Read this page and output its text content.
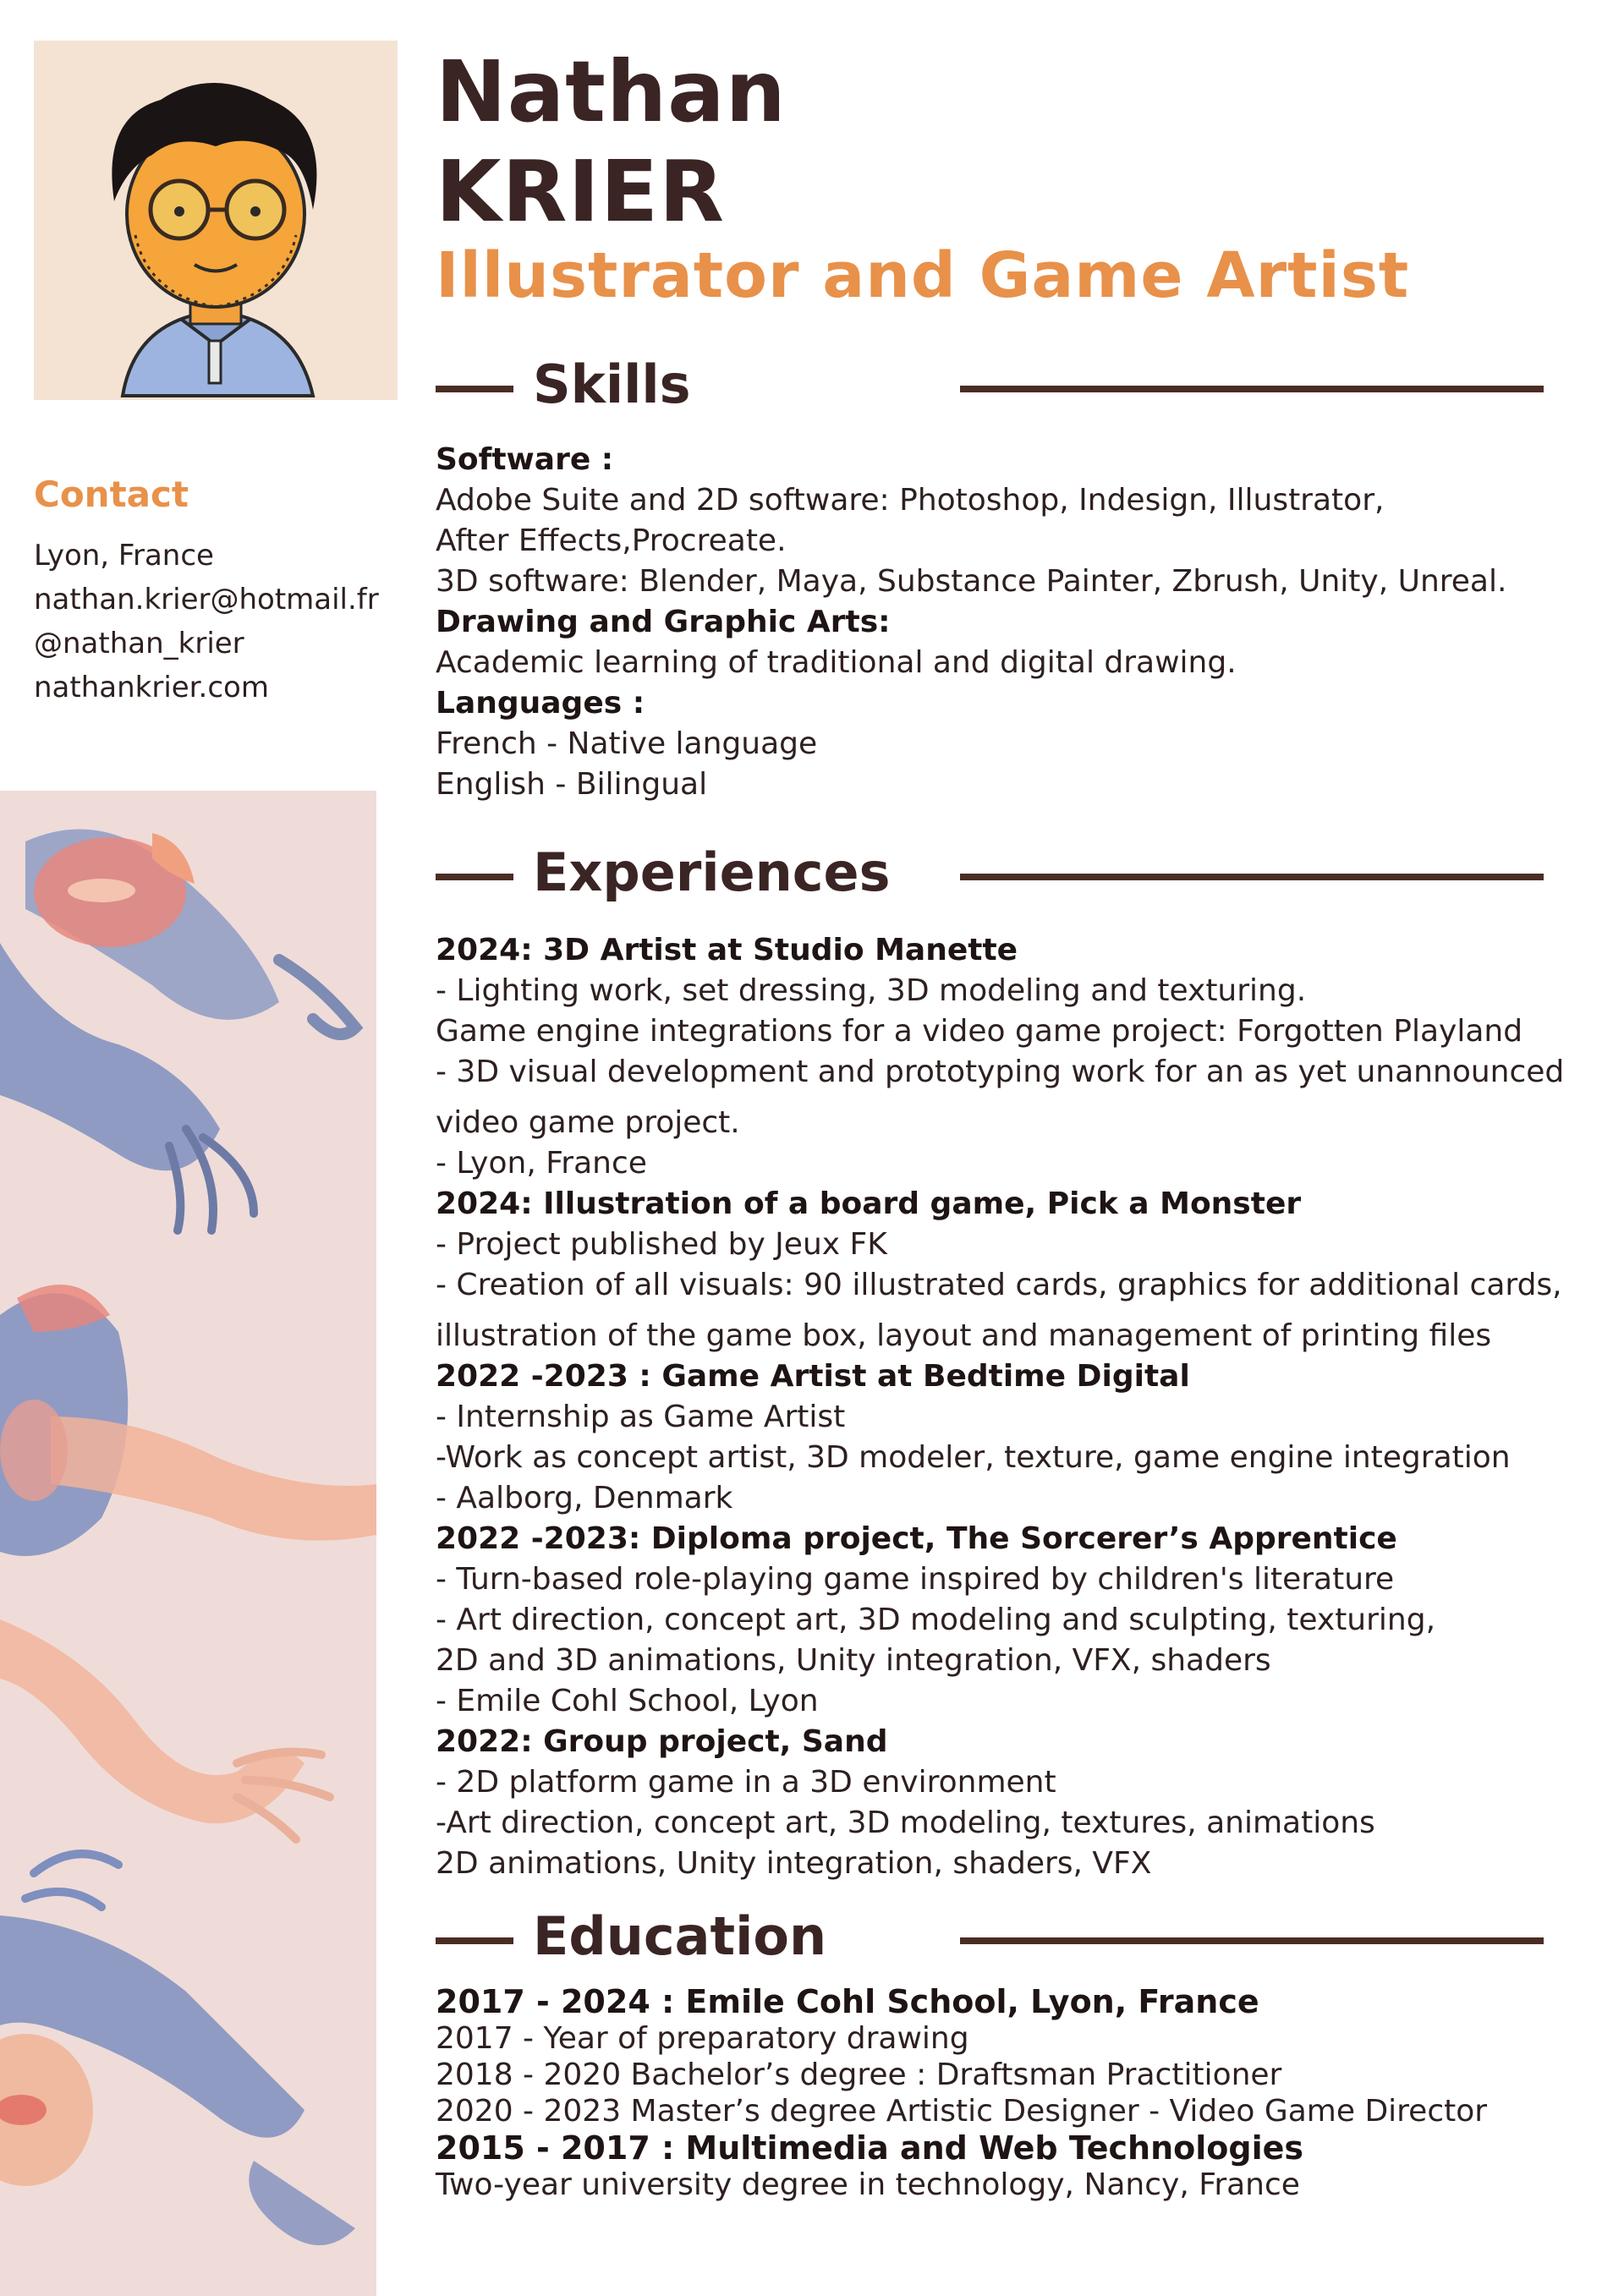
Contact
Lyon, France
nathan.krier@hotmail.fr
@nathan_krier
nathankrier.com
Nathan
KRIER
Illustrator and Game Artist
Skills
Software :
Adobe Suite and 2D software: Photoshop, Indesign, Illustrator,
After Effects,Procreate.
3D software: Blender, Maya, Substance Painter, Zbrush, Unity, Unreal.
Drawing and Graphic Arts:
Academic learning of traditional and digital drawing.
Languages :
French - Native language
English - Bilingual
Experiences
2024: 3D Artist at Studio Manette
- Lighting work, set dressing, 3D modeling and texturing.
Game engine integrations for a video game project: Forgotten Playland
- 3D visual development and prototyping work for an as yet unannounced
video game project.
- Lyon, France
2024: Illustration of a board game, Pick a Monster
- Project published by Jeux FK
- Creation of all visuals: 90 illustrated cards, graphics for additional cards,
illustration of the game box, layout and management of printing files
2022 -2023 : Game Artist at Bedtime Digital
- Internship as Game Artist
-Work as concept artist, 3D modeler, texture, game engine integration
- Aalborg, Denmark
2022 -2023: Diploma project, The Sorcerer’s Apprentice
- Turn-based role-playing game inspired by children's literature
- Art direction, concept art, 3D modeling and sculpting, texturing,
2D and 3D animations, Unity integration, VFX, shaders
- Emile Cohl School, Lyon
2022: Group project, Sand
- 2D platform game in a 3D environment
-Art direction, concept art, 3D modeling, textures, animations
2D animations, Unity integration, shaders, VFX
Education
2017 - 2024 : Emile Cohl School, Lyon, France
2017 - Year of preparatory drawing
2018 - 2020 Bachelor’s degree : Draftsman Practitioner
2020 - 2023 Master’s degree Artistic Designer - Video Game Director
2015 - 2017 : Multimedia and Web Technologies
Two-year university degree in technology, Nancy, France
